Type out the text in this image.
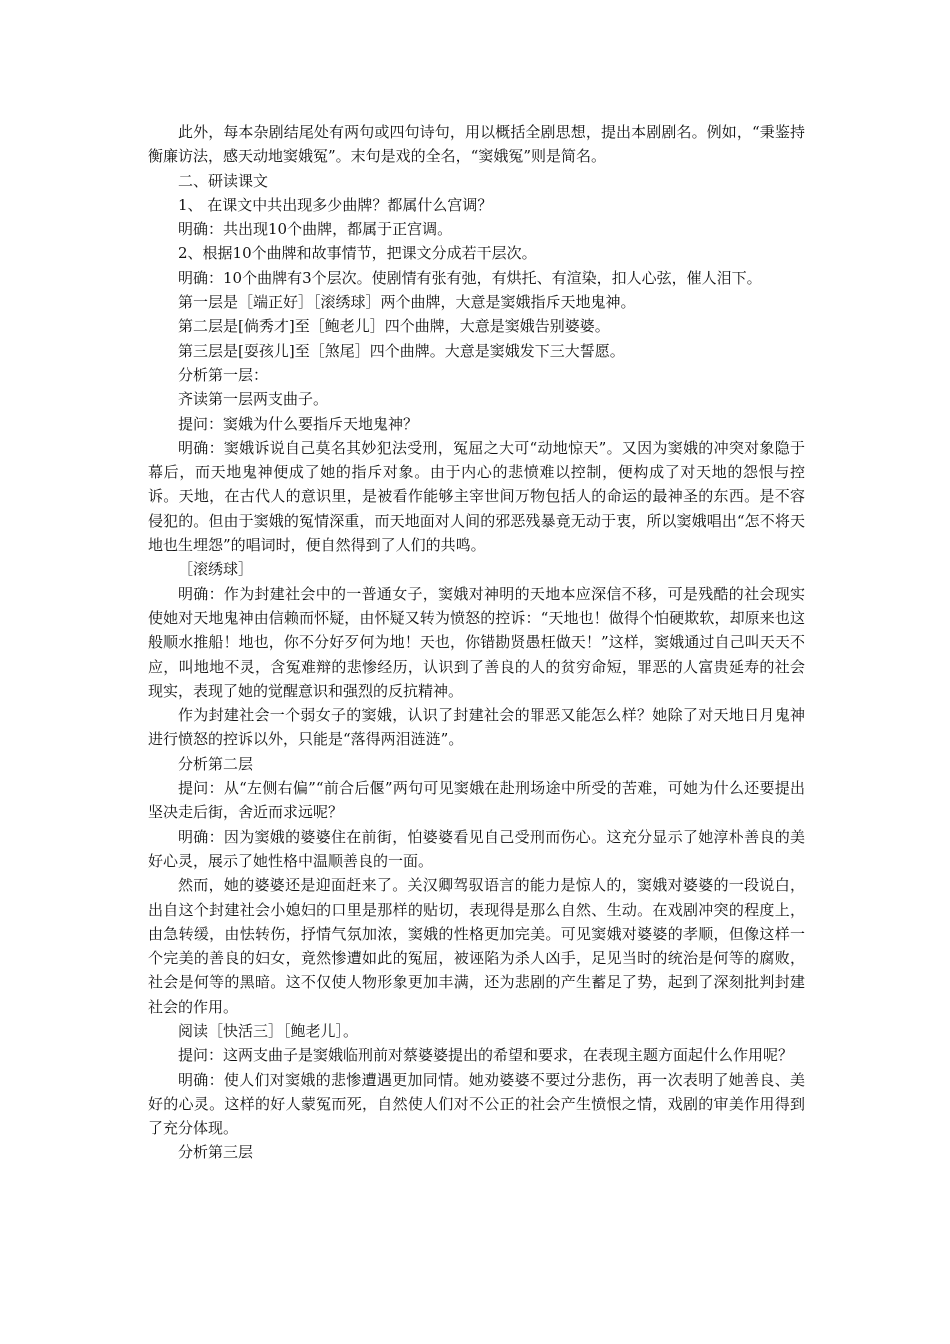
此外，每本杂剧结尾处有两句或四句诗句，用以概括全剧思想，提出本剧剧名。例如，“秉鉴持衡廉访法，感天动地窦娥冤”。末句是戏的全名，“窦娥冤”则是简名。

二、研读课文

1、 在课文中共出现多少曲牌？都属什么宫调？

明确：共出现10个曲牌，都属于正宫调。

2、根据10个曲牌和故事情节，把课文分成若干层次。

明确：10个曲牌有3个层次。使剧情有张有弛，有烘托、有渲染，扣人心弦，催人泪下。

第一层是［端正好］［滚绣球］两个曲牌，大意是窦娥指斥天地鬼神。

第二层是[倘秀才]至［鲍老儿］四个曲牌，大意是窦娥告别婆婆。

第三层是[耍孩儿]至［煞尾］四个曲牌。大意是窦娥发下三大誓愿。

分析第一层：

齐读第一层两支曲子。

提问：窦娥为什么要指斥天地鬼神？

明确：窦娥诉说自己莫名其妙犯法受刑，冤屈之大可“动地惊天”。又因为窦娥的冲突对象隐于幕后，而天地鬼神便成了她的指斥对象。由于内心的悲愤难以控制，便构成了对天地的怨恨与控诉。天地，在古代人的意识里，是被看作能够主宰世间万物包括人的命运的最神圣的东西。是不容侵犯的。但由于窦娥的冤情深重，而天地面对人间的邪恶残暴竟无动于衷，所以窦娥唱出“怎不将天地也生埋怨”的唱词时，便自然得到了人们的共鸣。

［滚绣球］

明确：作为封建社会中的一普通女子，窦娥对神明的天地本应深信不移，可是残酷的社会现实使她对天地鬼神由信赖而怀疑，由怀疑又转为愤怒的控诉：“天地也！做得个怕硬欺软，却原来也这般顺水推船！地也，你不分好歹何为地！天也，你错勘贤愚枉做天！”这样，窦娥通过自己叫天天不应，叫地地不灵，含冤难辩的悲惨经历，认识到了善良的人的贫穷命短，罪恶的人富贵延寿的社会现实，表现了她的觉醒意识和强烈的反抗精神。

作为封建社会一个弱女子的窦娥，认识了封建社会的罪恶又能怎么样？她除了对天地日月鬼神进行愤怒的控诉以外，只能是“落得两泪涟涟”。

分析第二层

提问：从“左侧右偏”“前合后偃”两句可见窦娥在赴刑场途中所受的苦难，可她为什么还要提出坚决走后街，舍近而求远呢？

明确：因为窦娥的婆婆住在前街，怕婆婆看见自己受刑而伤心。这充分显示了她淳朴善良的美好心灵，展示了她性格中温顺善良的一面。

然而，她的婆婆还是迎面赶来了。关汉卿驾驭语言的能力是惊人的，窦娥对婆婆的一段说白，出自这个封建社会小媳妇的口里是那样的贴切，表现得是那么自然、生动。在戏剧冲突的程度上，由急转缓，由怯转伤，抒情气氛加浓，窦娥的性格更加完美。可见窦娥对婆婆的孝顺，但像这样一个完美的善良的妇女，竟然惨遭如此的冤屈，被诬陷为杀人凶手，足见当时的统治是何等的腐败，社会是何等的黑暗。这不仅使人物形象更加丰满，还为悲剧的产生蓄足了势，起到了深刻批判封建社会的作用。

阅读［快活三］［鲍老儿］。

提问：这两支曲子是窦娥临刑前对蔡婆婆提出的希望和要求，在表现主题方面起什么作用呢？

明确：使人们对窦娥的悲惨遭遇更加同情。她劝婆婆不要过分悲伤，再一次表明了她善良、美好的心灵。这样的好人蒙冤而死，自然使人们对不公正的社会产生愤恨之情，戏剧的审美作用得到了充分体现。

分析第三层
